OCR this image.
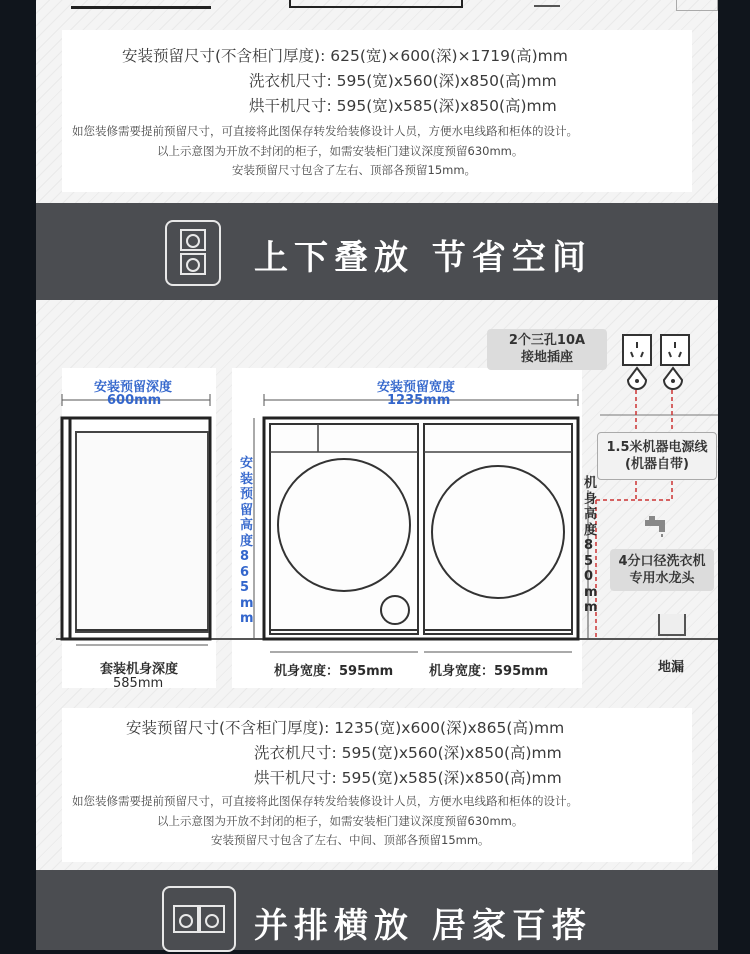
安装预留尺寸(不含柜门厚度): 625(宽)×600(深)×1719(高)mm
洗衣机尺寸: 595(宽)x560(深)x850(高)mm
烘干机尺寸: 595(宽)x585(深)x850(高)mm
如您装修需要提前预留尺寸，可直接将此图保存转发给装修设计人员，方便水电线路和柜体的设计。
以上示意图为开放不封闭的柜子，如需安装柜门建议深度预留630mm。
安装预留尺寸包含了左右、顶部各预留15mm。
上下叠放 节省空间
安装预留深度
600mm
安装预留宽度
1235mm
安装预留高度865mm
套装机身深度
585mm
机身宽度：595mm	机身宽度：595mm
机身高度850mm
2个三孔10A
接地插座
1.5米机器电源线
(机器自带)
4分口径洗衣机
专用水龙头
地漏
安装预留尺寸(不含柜门厚度): 1235(宽)x600(深)x865(高)mm
洗衣机尺寸: 595(宽)x560(深)x850(高)mm
烘干机尺寸: 595(宽)x585(深)x850(高)mm
如您装修需要提前预留尺寸，可直接将此图保存转发给装修设计人员，方便水电线路和柜体的设计。
以上示意图为开放不封闭的柜子，如需安装柜门建议深度预留630mm。
安装预留尺寸包含了左右、中间、顶部各预留15mm。
并排横放 居家百搭
